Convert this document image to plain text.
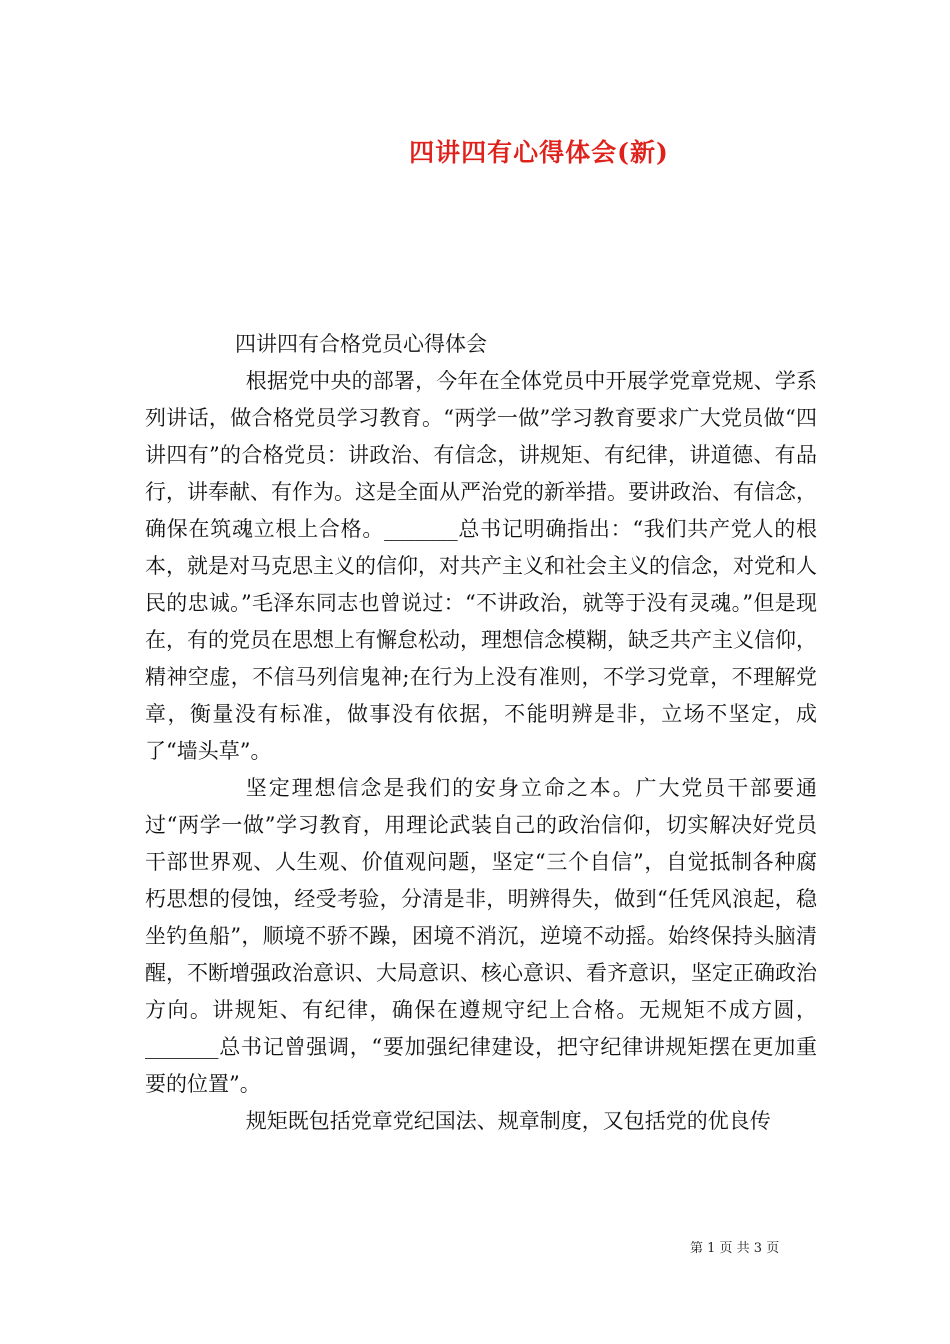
四讲四有心得体会(新)

四讲四有合格党员心得体会

根据党中央的部署，今年在全体党员中开展学党章党规、学系列讲话，做合格党员学习教育。“两学一做”学习教育要求广大党员做“四讲四有”的合格党员：讲政治、有信念，讲规矩、有纪律，讲道德、有品行，讲奉献、有作为。这是全面从严治党的新举措。要讲政治、有信念，确保在筑魂立根上合格。_______总书记明确指出：“我们共产党人的根本，就是对马克思主义的信仰，对共产主义和社会主义的信念，对党和人民的忠诚。”毛泽东同志也曾说过：“不讲政治，就等于没有灵魂。”但是现在，有的党员在思想上有懈怠松动，理想信念模糊，缺乏共产主义信仰，精神空虚，不信马列信鬼神;在行为上没有准则，不学习党章，不理解党章，衡量没有标准，做事没有依据，不能明辨是非，立场不坚定，成了“墙头草”。

坚定理想信念是我们的安身立命之本。广大党员干部要通过“两学一做”学习教育，用理论武装自己的政治信仰，切实解决好党员干部世界观、人生观、价值观问题，坚定“三个自信”，自觉抵制各种腐朽思想的侵蚀，经受考验，分清是非，明辨得失，做到“任凭风浪起，稳坐钓鱼船”，顺境不骄不躁，困境不消沉，逆境不动摇。始终保持头脑清醒，不断增强政治意识、大局意识、核心意识、看齐意识，坚定正确政治方向。讲规矩、有纪律，确保在遵规守纪上合格。无规矩不成方圆，_______总书记曾强调，“要加强纪律建设，把守纪律讲规矩摆在更加重要的位置”。

规矩既包括党章党纪国法、规章制度，又包括党的优良传

第 1 页 共 3 页
